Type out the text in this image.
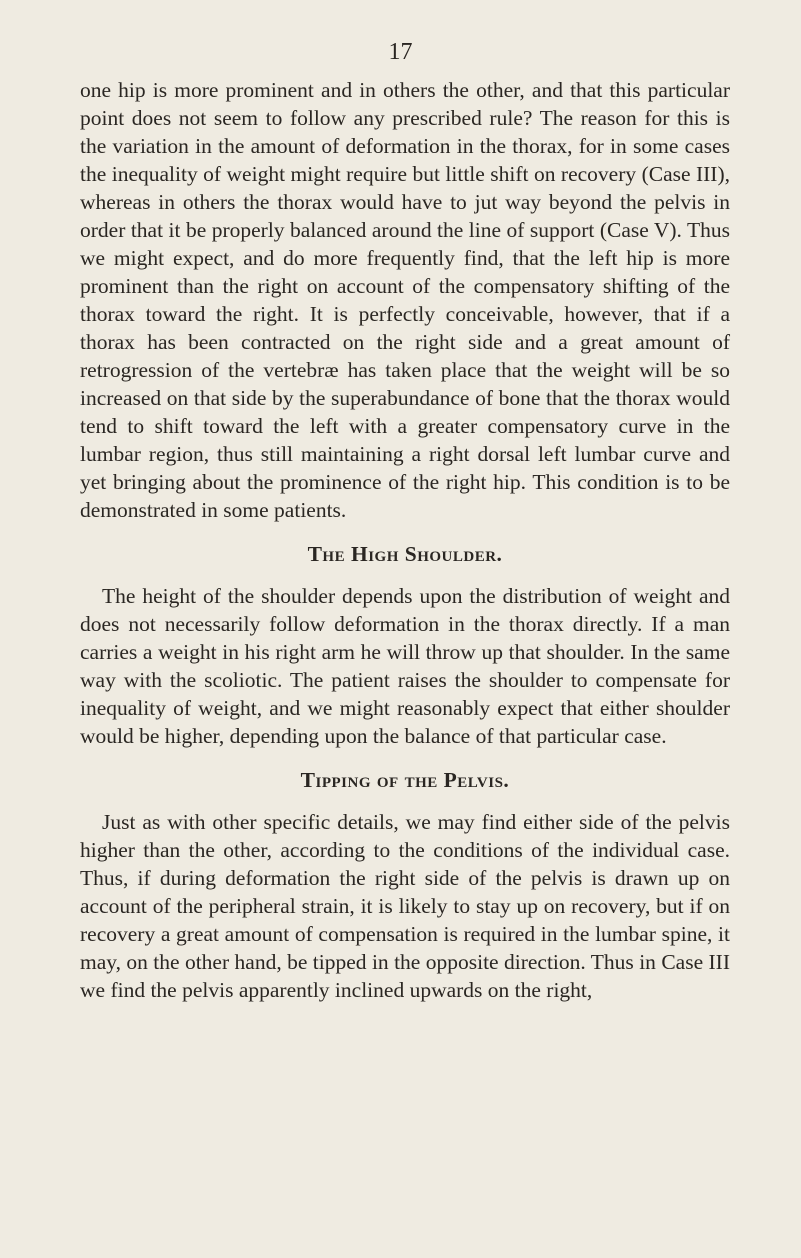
17

one hip is more prominent and in others the other, and that this particular point does not seem to follow any prescribed rule? The reason for this is the variation in the amount of deformation in the thorax, for in some cases the inequality of weight might require but little shift on recovery (Case III), whereas in others the thorax would have to jut way beyond the pelvis in order that it be properly balanced around the line of support (Case V). Thus we might expect, and do more frequently find, that the left hip is more prominent than the right on account of the compensatory shifting of the thorax toward the right. It is perfectly conceivable, however, that if a thorax has been contracted on the right side and a great amount of retrogression of the vertebræ has taken place that the weight will be so increased on that side by the superabundance of bone that the thorax would tend to shift toward the left with a greater compensatory curve in the lumbar region, thus still maintaining a right dorsal left lumbar curve and yet bringing about the prominence of the right hip. This condition is to be demonstrated in some patients.

The High Shoulder.

The height of the shoulder depends upon the distribution of weight and does not necessarily follow deformation in the thorax directly. If a man carries a weight in his right arm he will throw up that shoulder. In the same way with the scoliotic. The patient raises the shoulder to compensate for inequality of weight, and we might reasonably expect that either shoulder would be higher, depending upon the balance of that particular case.

Tipping of the Pelvis.

Just as with other specific details, we may find either side of the pelvis higher than the other, according to the conditions of the individual case. Thus, if during deformation the right side of the pelvis is drawn up on account of the peripheral strain, it is likely to stay up on recovery, but if on recovery a great amount of compensation is required in the lumbar spine, it may, on the other hand, be tipped in the opposite direction. Thus in Case III we find the pelvis apparently inclined upwards on the right,
